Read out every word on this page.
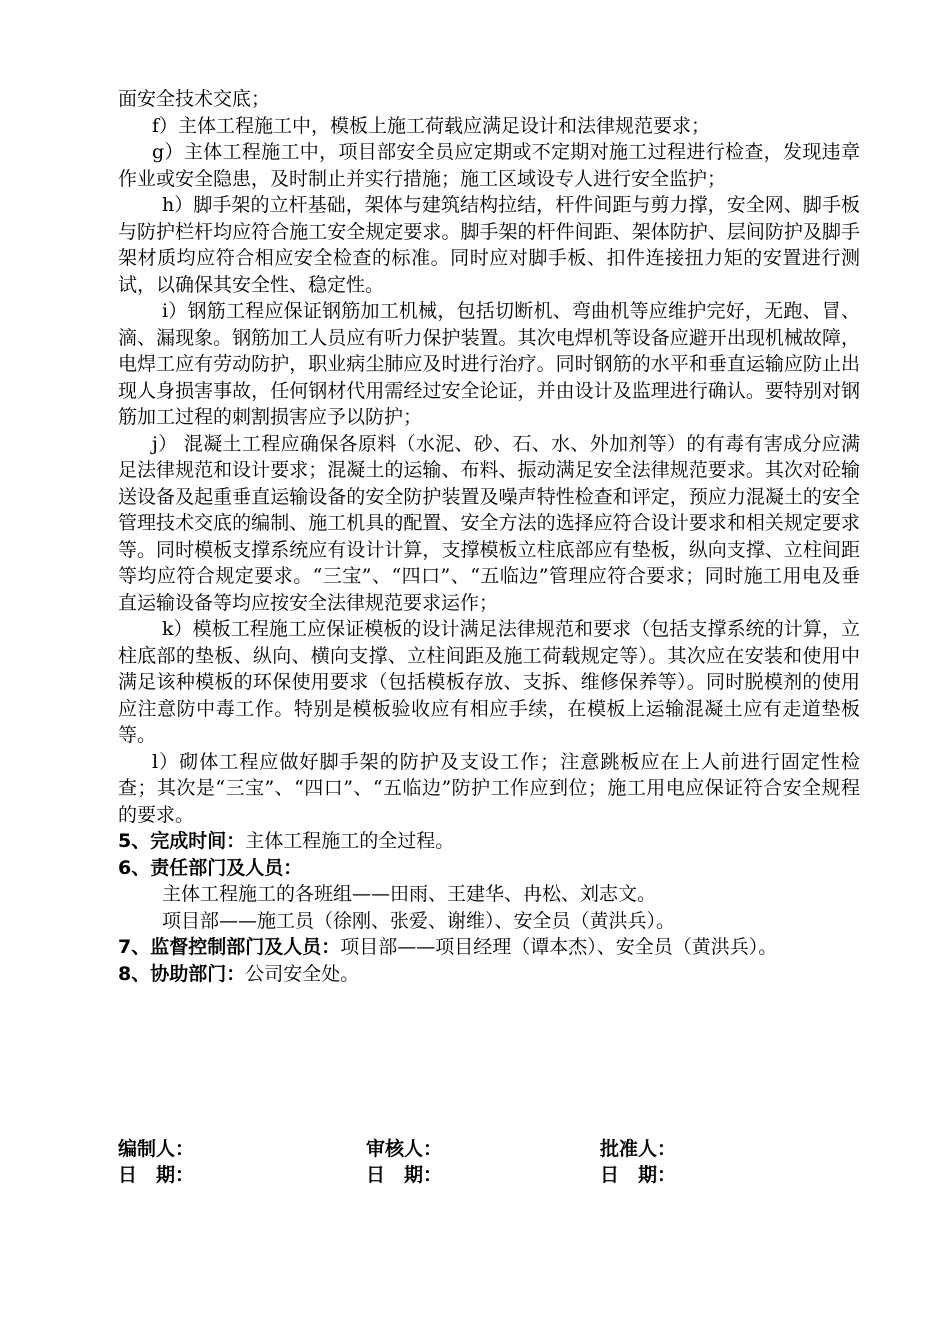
面安全技术交底；

f）主体工程施工中，模板上施工荷载应满足设计和法律规范要求；

g）主体工程施工中，项目部安全员应定期或不定期对施工过程进行检查，发现违章作业或安全隐患，及时制止并实行措施；施工区域设专人进行安全监护；

h）脚手架的立杆基础，架体与建筑结构拉结，杆件间距与剪力撑，安全网、脚手板与防护栏杆均应符合施工安全规定要求。脚手架的杆件间距、架体防护、层间防护及脚手架材质均应符合相应安全检查的标准。同时应对脚手板、扣件连接扭力矩的安置进行测试，以确保其安全性、稳定性。

i）钢筋工程应保证钢筋加工机械，包括切断机、弯曲机等应维护完好，无跑、冒、滴、漏现象。钢筋加工人员应有听力保护装置。其次电焊机等设备应避开出现机械故障，电焊工应有劳动防护，职业病尘肺应及时进行治疗。同时钢筋的水平和垂直运输应防止出现人身损害事故，任何钢材代用需经过安全论证，并由设计及监理进行确认。要特别对钢筋加工过程的刺割损害应予以防护；

j） 混凝土工程应确保各原料（水泥、砂、石、水、外加剂等）的有毒有害成分应满足法律规范和设计要求；混凝土的运输、布料、振动满足安全法律规范要求。其次对砼输送设备及起重垂直运输设备的安全防护装置及噪声特性检查和评定，预应力混凝土的安全管理技术交底的编制、施工机具的配置、安全方法的选择应符合设计要求和相关规定要求等。同时模板支撑系统应有设计计算，支撑模板立柱底部应有垫板，纵向支撑、立柱间距等均应符合规定要求。“三宝”、“四口”、“五临边”管理应符合要求；同时施工用电及垂直运输设备等均应按安全法律规范要求运作；

k）模板工程施工应保证模板的设计满足法律规范和要求（包括支撑系统的计算，立柱底部的垫板、纵向、横向支撑、立柱间距及施工荷载规定等）。其次应在安装和使用中满足该种模板的环保使用要求（包括模板存放、支拆、维修保养等）。同时脱模剂的使用应注意防中毒工作。特别是模板验收应有相应手续，在模板上运输混凝土应有走道垫板等。

l）砌体工程应做好脚手架的防护及支设工作；注意跳板应在上人前进行固定性检查；其次是“三宝”、“四口”、“五临边”防护工作应到位；施工用电应保证符合安全规程的要求。

5、完成时间：主体工程施工的全过程。

6、责任部门及人员：

主体工程施工的各班组——田雨、王建华、冉松、刘志文。

项目部——施工员（徐刚、张爱、谢维）、安全员（黄洪兵）。

7、监督控制部门及人员：项目部——项目经理（谭本杰）、安全员（黄洪兵）。

8、协助部门：公司安全处。

编制人：	审核人：	批准人：
日　期：	日　期：	日　期：
